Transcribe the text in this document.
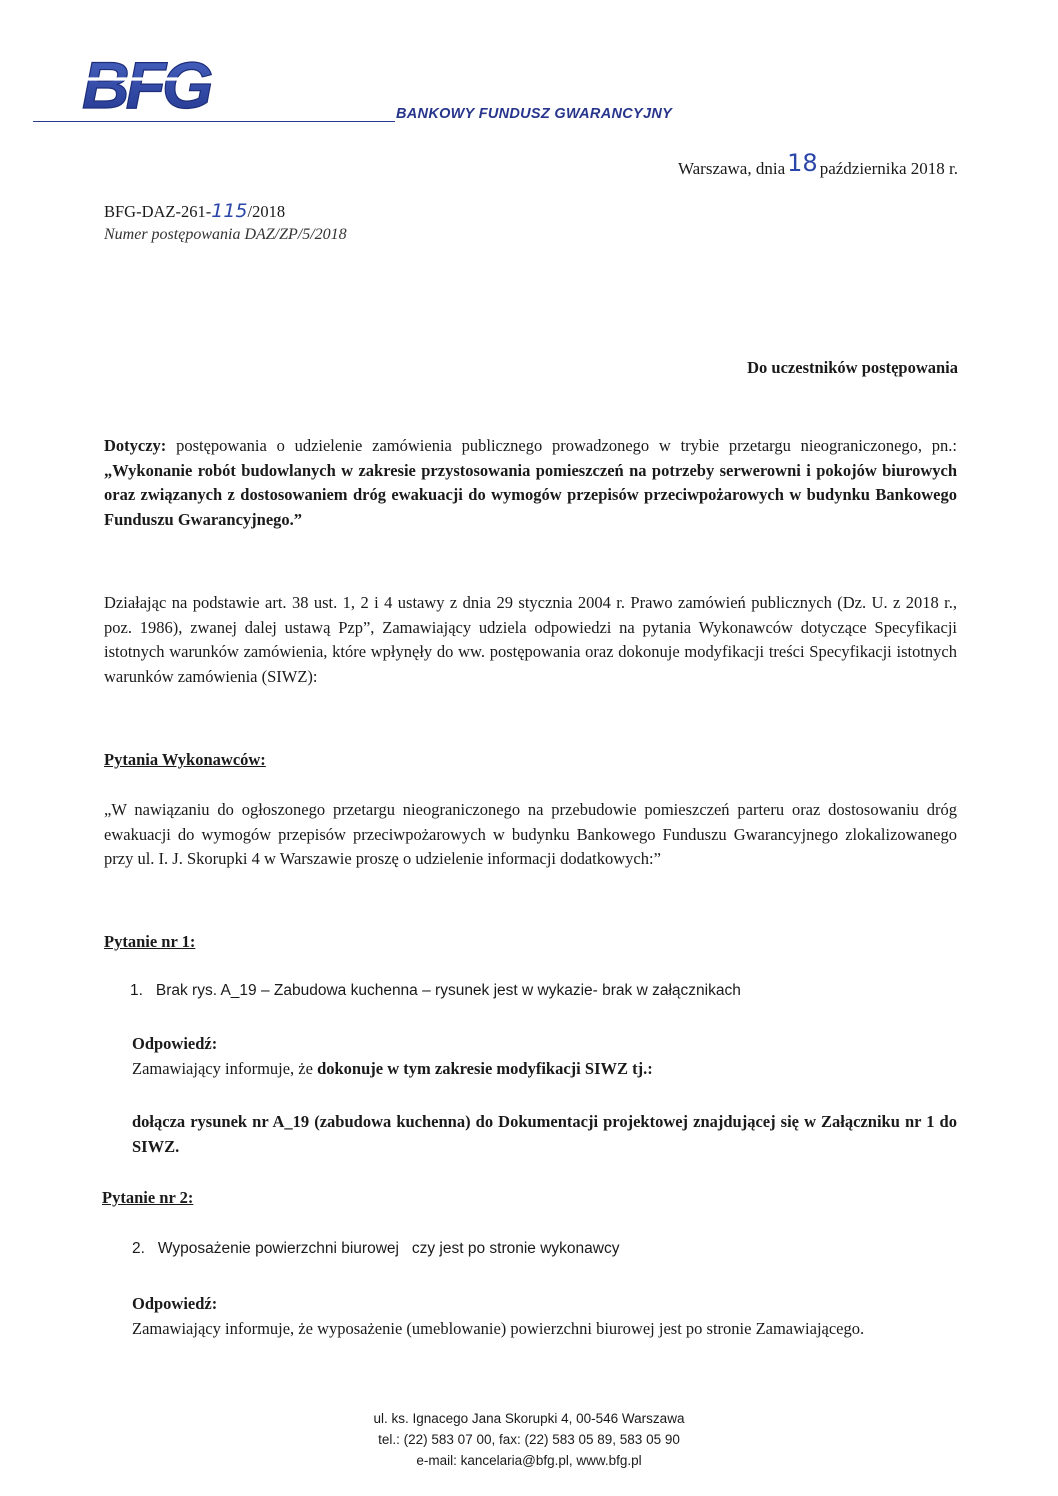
BFG	BANKOWY FUNDUSZ GWARANCYJNY
Warszawa, dnia18 października 2018 r.
BFG-DAZ-261-115/2018
Numer postępowania DAZ/ZP/5/2018
Do uczestników postępowania
Dotyczy: postępowania o udzielenie zamówienia publicznego prowadzonego w trybie przetargu nieograniczonego, pn.: „Wykonanie robót budowlanych w zakresie przystosowania pomieszczeń na potrzeby serwerowni i pokojów biurowych oraz związanych z dostosowaniem dróg ewakuacji do wymogów przepisów przeciwpożarowych w budynku Bankowego Funduszu Gwarancyjnego.”
Działając na podstawie art. 38 ust. 1, 2 i 4 ustawy z dnia 29 stycznia 2004 r. Prawo zamówień publicznych (Dz. U. z 2018 r., poz. 1986), zwanej dalej ustawą Pzp”, Zamawiający udziela odpowiedzi na pytania Wykonawców dotyczące Specyfikacji istotnych warunków zamówienia, które wpłynęły do ww. postępowania oraz dokonuje modyfikacji treści Specyfikacji istotnych warunków zamówienia (SIWZ):
Pytania Wykonawców:
„W nawiązaniu do ogłoszonego przetargu nieograniczonego na przebudowie pomieszczeń parteru oraz dostosowaniu dróg ewakuacji do wymogów przepisów przeciwpożarowych w budynku Bankowego Funduszu Gwarancyjnego zlokalizowanego przy ul. I. J. Skorupki 4 w Warszawie proszę o udzielenie informacji dodatkowych:”
Pytanie nr 1:
1. Brak rys. A_19 – Zabudowa kuchenna – rysunek jest w wykazie- brak w załącznikach
Odpowiedź:
Zamawiający informuje, że dokonuje w tym zakresie modyfikacji SIWZ tj.:
dołącza rysunek nr A_19 (zabudowa kuchenna) do Dokumentacji projektowej znajdującej się w Załączniku nr 1 do SIWZ.
Pytanie nr 2:
2. Wyposażenie powierzchni biurowej   czy jest po stronie wykonawcy
Odpowiedź:
Zamawiający informuje, że wyposażenie (umeblowanie) powierzchni biurowej jest po stronie Zamawiającego.
ul. ks. Ignacego Jana Skorupki 4, 00-546 Warszawa
tel.: (22) 583 07 00, fax: (22) 583 05 89, 583 05 90
e-mail: kancelaria@bfg.pl, www.bfg.pl
